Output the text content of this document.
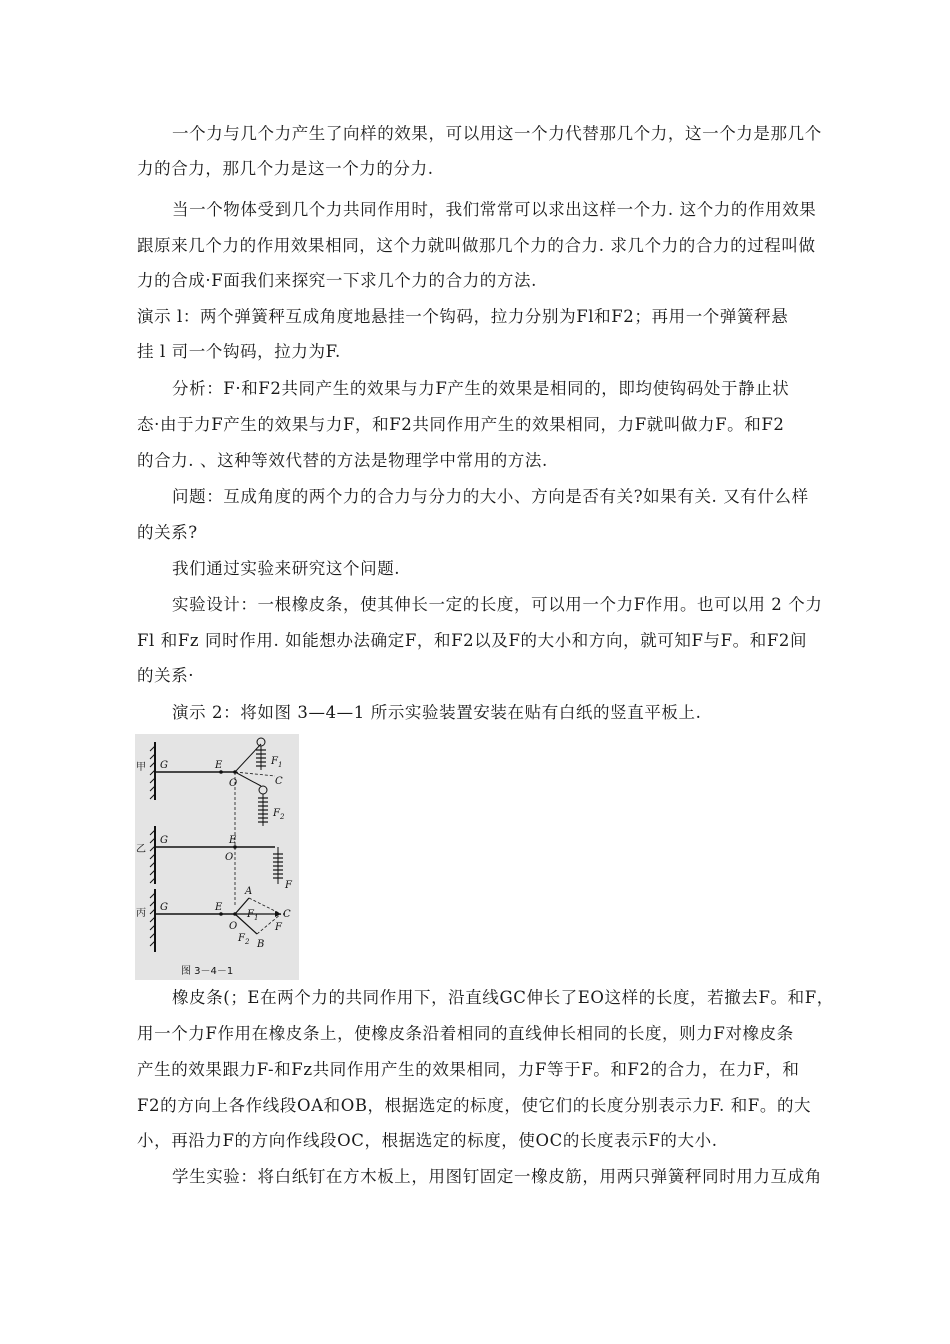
一个力与几个力产生了向样的效果，可以用这一个力代替那几个力，这一个力是那几个
力的合力，那几个力是这一个力的分力.
当一个物体受到几个力共同作用时，我们常常可以求出这样一个力. 这个力的作用效果
跟原来几个力的作用效果相同，这个力就叫做那几个力的合力. 求几个力的合力的过程叫做
力的合成·F面我们来探究一下求几个力的合力的方法.
演示 l：两个弹簧秤互成角度地悬挂一个钩码，拉力分别为Fl和F2；再用一个弹簧秤悬
挂 l 司一个钩码，拉力为F.
分析：F·和F2共同产生的效果与力F产生的效果是相同的，即均使钩码处于静止状
态·由于力F产生的效果与力F，和F2共同作用产生的效果相同，力F就叫做力F。和F2
的合力. 、这种等效代替的方法是物理学中常用的方法.
问题：互成角度的两个力的合力与分力的大小、方向是否有关?如果有关. 又有什么样
的关系?
我们通过实验来研究这个问题.
实验设计：一根橡皮条，使其伸长一定的长度，可以用一个力F作用。也可以用 2 个力
Fl 和Fz 同时作用. 如能想办法确定F，和F2以及F的大小和方向，就可知F与F。和F2间
的关系·
演示 2：将如图 3—4—1 所示实验装置安装在贴有白纸的竖直平板上.
甲 G	E
O
$F_1$
C
$F_2$
乙
G	E
O
F
丙
G	E
O
A
B
C
$F_1$
$F_2$
F
图 3－4－1
橡皮条(；E在两个力的共同作用下，沿直线GC伸长了EO这样的长度，若撤去F。和F，
用一个力F作用在橡皮条上，使橡皮条沿着相同的直线伸长相同的长度，则力F对橡皮条
产生的效果跟力F-和Fz共同作用产生的效果相同，力F等于F。和F2的合力，在力F，和
F2的方向上各作线段OA和OB，根据选定的标度，使它们的长度分别表示力F. 和F。的大
小，再沿力F的方向作线段OC，根据选定的标度，使OC的长度表示F的大小.
学生实验：将白纸钉在方木板上，用图钉固定一橡皮筋，用两只弹簧秤同时用力互成角
